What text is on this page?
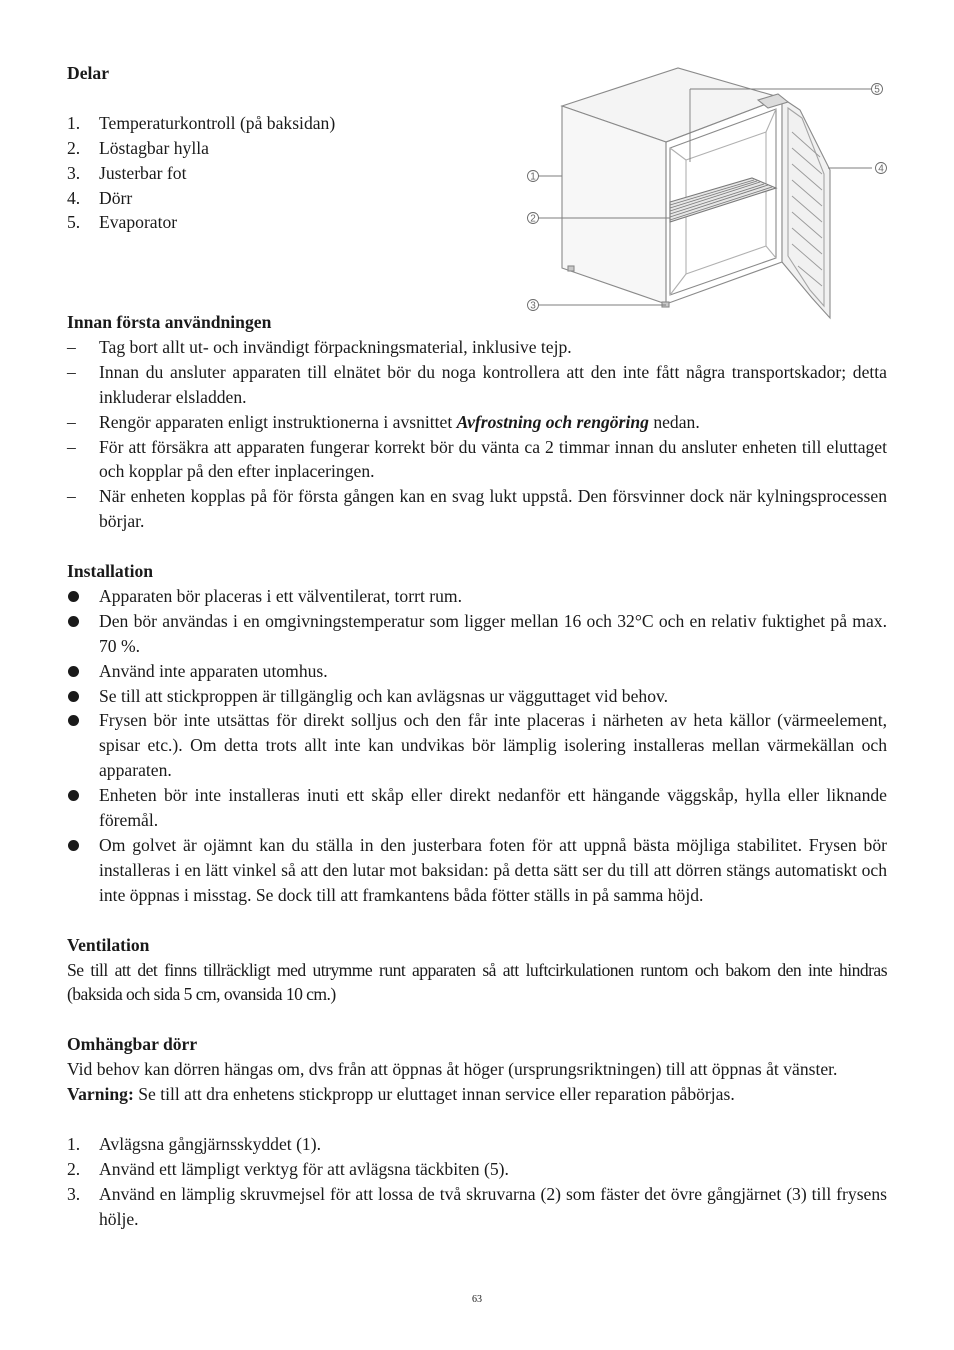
Delar

1.	Temperaturkontroll (på baksidan)
2.	Löstagbar hylla
3.	Justerbar fot
4.	Dörr
5.	Evaporator

Innan första användningen

–	Tag bort allt ut- och invändigt förpackningsmaterial, inklusive tejp.
–	Innan du ansluter apparaten till elnätet bör du noga kontrollera att den inte fått några transportskador; detta inkluderar elsladden.
–	Rengör apparaten enligt instruktionerna i avsnittet Avfrostning och rengöring nedan.
–	För att försäkra att apparaten fungerar korrekt bör du vänta ca 2 timmar innan du ansluter enheten till eluttaget och kopplar på den efter inplaceringen.
–	När enheten kopplas på för första gången kan en svag lukt uppstå. Den försvinner dock när kylningsprocessen börjar.

Installation

Apparaten bör placeras i ett välventilerat, torrt rum.
Den bör användas i en omgivningstemperatur som ligger mellan 16 och 32°C och en relativ fuktighet på max. 70 %.
Använd inte apparaten utomhus.
Se till att stickproppen är tillgänglig och kan avlägsnas ur vägguttaget vid behov.
Frysen bör inte utsättas för direkt solljus och den får inte placeras i närheten av heta källor (värmeelement, spisar etc.). Om detta trots allt inte kan undvikas bör lämplig isolering installeras mellan värmekällan och apparaten.
Enheten bör inte installeras inuti ett skåp eller direkt nedanför ett hängande väggskåp, hylla eller liknande föremål.
Om golvet är ojämnt kan du ställa in den justerbara foten för att uppnå bästa möjliga stabilitet. Frysen bör installeras i en lätt vinkel så att den lutar mot baksidan: på detta sätt ser du till att dörren stängs automatiskt och inte öppnas i misstag. Se dock till att framkantens båda fötter ställs in på samma höjd.

Ventilation

Se till att det finns tillräckligt med utrymme runt apparaten så att luftcirkulationen runtom och bakom den inte hindras (baksida och sida 5 cm, ovansida 10 cm.)

Omhängbar dörr

Vid behov kan dörren hängas om, dvs från att öppnas åt höger (ursprungsriktningen) till att öppnas åt vänster.

Varning: Se till att dra enhetens stickpropp ur eluttaget innan service eller reparation påbörjas.

1.	Avlägsna gångjärnsskyddet (1).
2.	Använd ett lämpligt verktyg för att avlägsna täckbiten (5).
3.	Använd en lämplig skruvmejsel för att lossa de två skruvarna (2) som fäster det övre gångjärnet (3) till frysens hölje.
1
2
3
4
5
63
